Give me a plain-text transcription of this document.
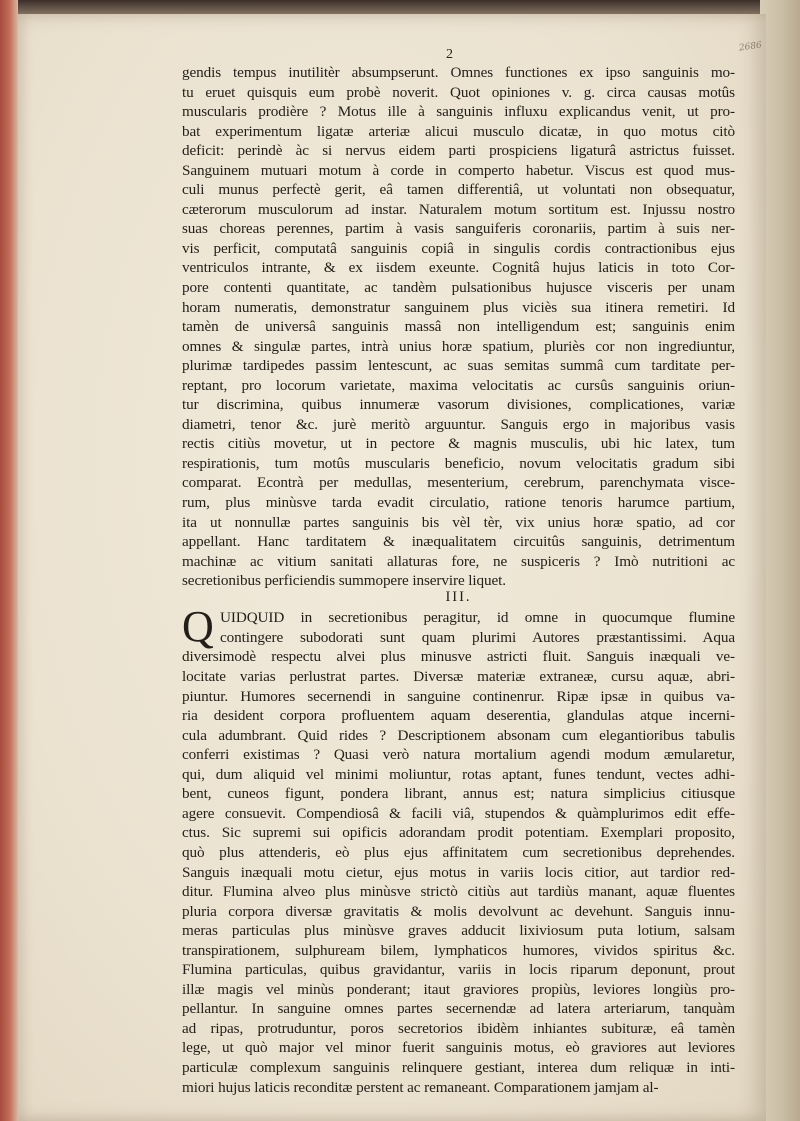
2686
2
gendis tempus inutilitèr absumpserunt. Omnes functiones ex ipso sanguinis mo-
tu eruet quisquis eum probè noverit. Quot opiniones v. g. circa causas motûs
muscularis prodière ? Motus ille à sanguinis influxu explicandus venit, ut pro-
bat experimentum ligatæ arteriæ alicui musculo dicatæ, in quo motus citò
deficit: perindè àc si nervus eidem parti prospiciens ligaturâ astrictus fuisset.
Sanguinem mutuari motum à corde in comperto habetur. Viscus est quod mus-
culi munus perfectè gerit, eâ tamen differentiâ, ut voluntati non obsequatur,
cæterorum musculorum ad instar. Naturalem motum sortitum est. Injussu nostro
suas choreas perennes, partim à vasis sanguiferis coronariis, partim à suis ner-
vis perficit, computatâ sanguinis copiâ in singulis cordis contractionibus ejus
ventriculos intrante, & ex iisdem exeunte. Cognitâ hujus laticis in toto Cor-
pore contenti quantitate, ac tandèm pulsationibus hujusce visceris per unam
horam numeratis, demonstratur sanguinem plus viciès sua itinera remetiri. Id
tamèn de universâ sanguinis massâ non intelligendum est; sanguinis enim
omnes & singulæ partes, intrà unius horæ spatium, pluriès cor non ingrediuntur,
plurimæ tardipedes passim lentescunt, ac suas semitas summâ cum tarditate per-
reptant, pro locorum varietate, maxima velocitatis ac cursûs sanguinis oriun-
tur discrimina, quibus innumeræ vasorum divisiones, complicationes, variæ
diametri, tenor &c. jurè meritò arguuntur. Sanguis ergo in majoribus vasis
rectis citiùs movetur, ut in pectore & magnis musculis, ubi hic latex, tum
respirationis, tum motûs muscularis beneficio, novum velocitatis gradum sibi
comparat. Econtrà per medullas, mesenterium, cerebrum, parenchymata visce-
rum, plus minùsve tarda evadit circulatio, ratione tenoris harumce partium,
ita ut nonnullæ partes sanguinis bis vèl tèr, vix unius horæ spatio, ad cor
appellant. Hanc tarditatem & inæqualitatem circuitûs sanguinis, detrimentum
machinæ ac vitium sanitati allaturas fore, ne suspiceris ? Imò nutritioni ac
secretionibus perficiendis summopere inservire liquet.
III.
Q UIDQUID in secretionibus peragitur, id omne in quocumque flumine
contingere subodorati sunt quam plurimi Autores præstantissimi. Aqua
diversimodè respectu alvei plus minusve astricti fluit. Sanguis inæquali ve-
locitate varias perlustrat partes. Diversæ materiæ extraneæ, cursu aquæ, abri-
piuntur. Humores secernendi in sanguine continenrur. Ripæ ipsæ in quibus va-
ria desident corpora profluentem aquam deserentia, glandulas atque incerni-
cula adumbrant. Quid rides ? Descriptionem absonam cum elegantioribus tabulis
conferri existimas ? Quasi verò natura mortalium agendi modum æmularetur,
qui, dum aliquid vel minimi moliuntur, rotas aptant, funes tendunt, vectes adhi-
bent, cuneos figunt, pondera librant, annus est; natura simplicius citiusque
agere consuevit. Compendiosâ & facili viâ, stupendos & quàmplurimos edit effe-
ctus. Sic supremi sui opificis adorandam prodit potentiam. Exemplari proposito,
quò plus attenderis, eò plus ejus affinitatem cum secretionibus deprehendes.
Sanguis inæquali motu cietur, ejus motus in variis locis citior, aut tardior red-
ditur. Flumina alveo plus minùsve strictò citiùs aut tardiùs manant, aquæ fluentes
pluria corpora diversæ gravitatis & molis devolvunt ac devehunt. Sanguis innu-
meras particulas plus minùsve graves adducit lixiviosum puta lotium, salsam
transpirationem, sulphuream bilem, lymphaticos humores, vividos spiritus &c.
Flumina particulas, quibus gravidantur, variis in locis riparum deponunt, prout
illæ magis vel minùs ponderant; itaut graviores propiùs, leviores longiùs pro-
pellantur. In sanguine omnes partes secernendæ ad latera arteriarum, tanquàm
ad ripas, protruduntur, poros secretorios ibidèm inhiantes subituræ, eâ tamèn
lege, ut quò major vel minor fuerit sanguinis motus, eò graviores aut leviores
particulæ complexum sanguinis relinquere gestiant, interea dum reliquæ in inti-
miori hujus laticis reconditæ perstent ac remaneant. Comparationem jamjam al-
